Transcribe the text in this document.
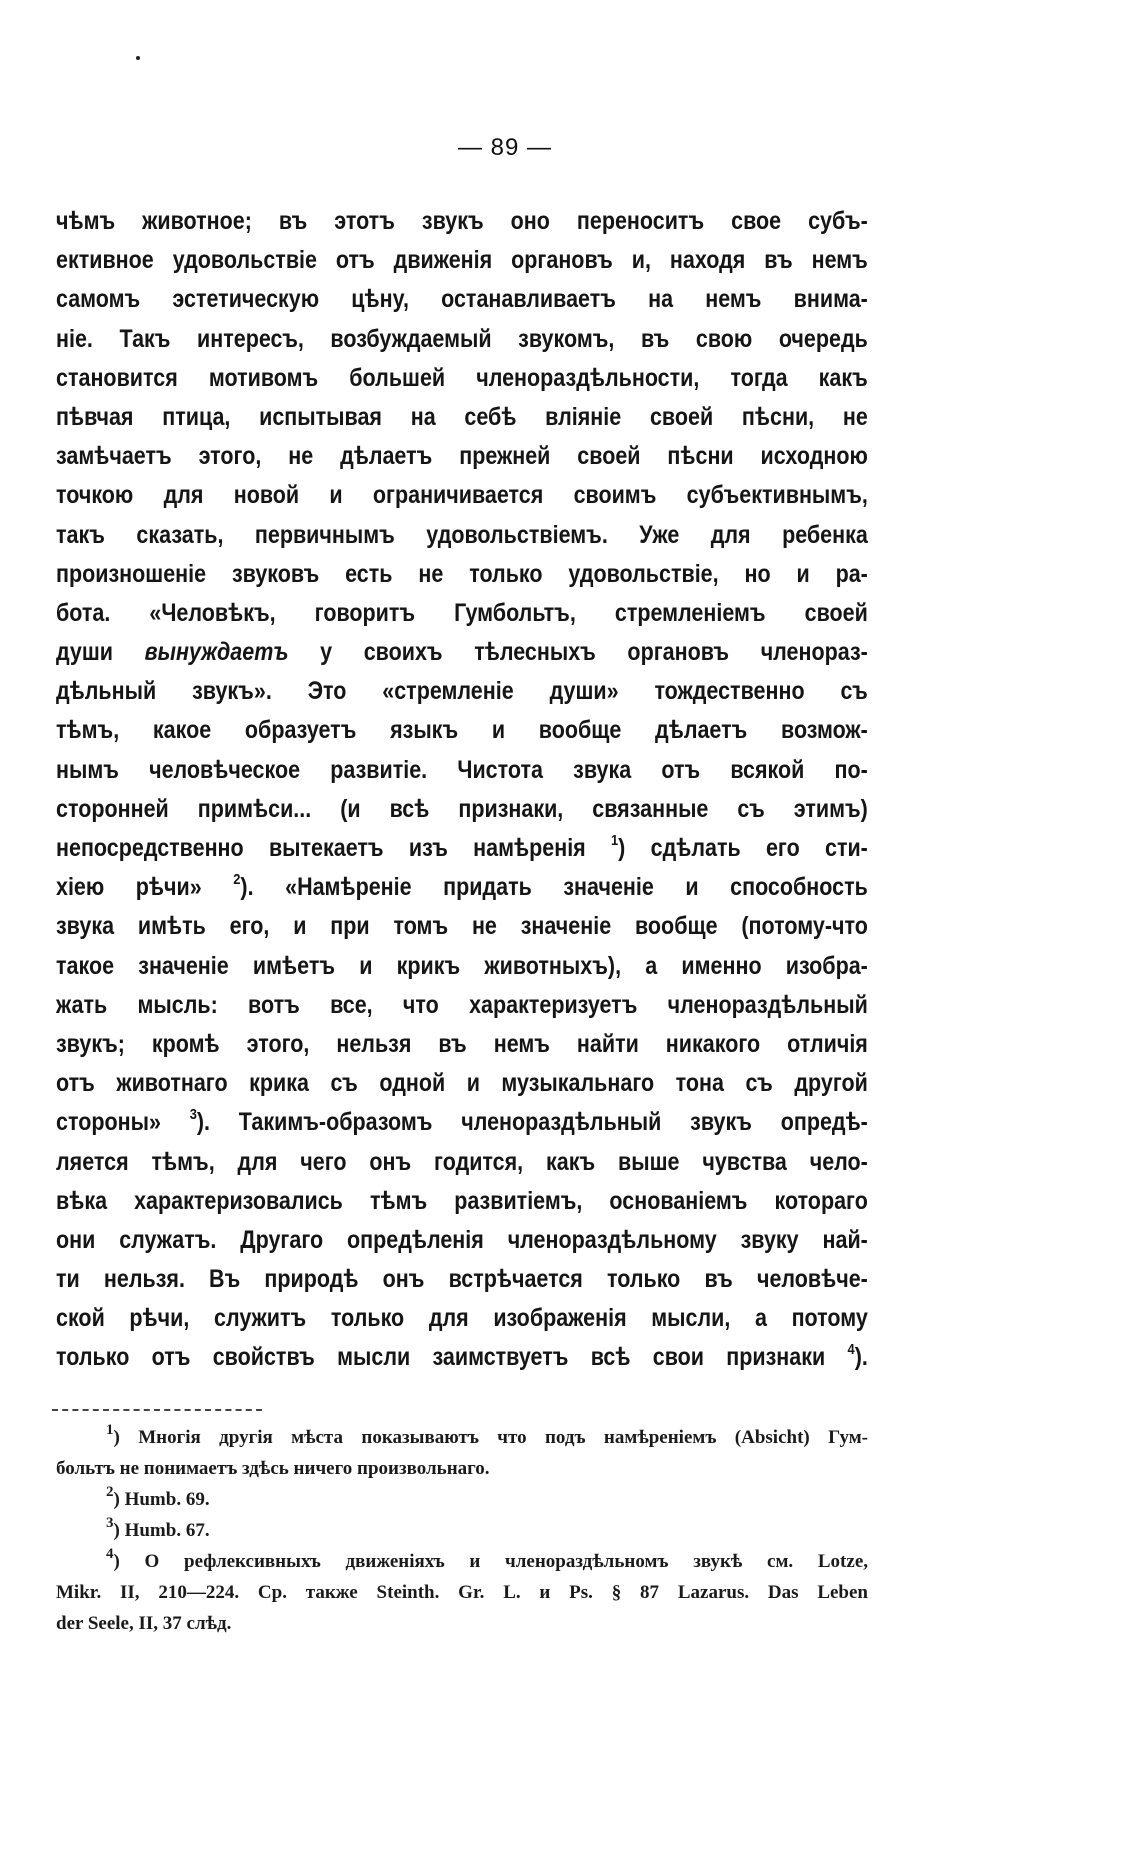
— 89 —
чѣмъ животное; въ этотъ звукъ оно переноситъ свое субъ-
ективное удовольствіе отъ движенія органовъ и, находя въ немъ
самомъ эстетическую цѣну, останавливаетъ на немъ внима-
ніе. Такъ интересъ, возбуждаемый звукомъ, въ свою очередь
становится мотивомъ большей членораздѣльности, тогда какъ
пѣвчая птица, испытывая на себѣ вліяніе своей пѣсни, не
замѣчаетъ этого, не дѣлаетъ прежней своей пѣсни исходною
точкою для новой и ограничивается своимъ субъективнымъ,
такъ сказать, первичнымъ удовольствіемъ. Уже для ребенка
произношеніе звуковъ есть не только удовольствіе, но и ра-
бота. «Человѣкъ, говоритъ Гумбольтъ, стремленіемъ своей
души вынуждаетъ у своихъ тѣлесныхъ органовъ членораз-
дѣльный звукъ». Это «стремленіе души» тождественно съ
тѣмъ, какое образуетъ языкъ и вообще дѣлаетъ возмож-
нымъ человѣческое развитіе. Чистота звука отъ всякой по-
сторонней примѣси... (и всѣ признаки, связанные съ этимъ)
непосредственно вытекаетъ изъ намѣренія $^1$) сдѣлать его сти-
хіею рѣчи» $^2$). «Намѣреніе придать значеніе и способность
звука имѣть его, и при томъ не значеніе вообще (потому-что
такое значеніе имѣетъ и крикъ животныхъ), а именно изобра-
жать мысль: вотъ все, что характеризуетъ членораздѣльный
звукъ; кромѣ этого, нельзя въ немъ найти никакого отличія
отъ животнаго крика съ одной и музыкальнаго тона съ другой
стороны» $^3$). Такимъ-образомъ членораздѣльный звукъ опредѣ-
ляется тѣмъ, для чего онъ годится, какъ выше чувства чело-
вѣка характеризовались тѣмъ развитіемъ, основаніемъ котораго
они служатъ. Другаго опредѣленія членораздѣльному звуку най-
ти нельзя. Въ природѣ онъ встрѣчается только въ человѣче-
ской рѣчи, служитъ только для изображенія мысли, а потому
только отъ свойствъ мысли заимствуетъ всѣ свои признаки $^4$).
$^1$) Многія другія мѣста показываютъ что подъ намѣреніемъ (Absicht) Гум-
больтъ не понимаетъ здѣсь ничего произвольнаго.
$^2$) Humb. 69.
$^3$) Humb. 67.
$^4$) О рефлексивныхъ движеніяхъ и членораздѣльномъ звукѣ см. Lotze,
Mikr. II, 210—224. Cp. также Steinth. Gr. L. и Ps. § 87 Lazarus. Das Leben
der Seele, II, 37 слѣд.
